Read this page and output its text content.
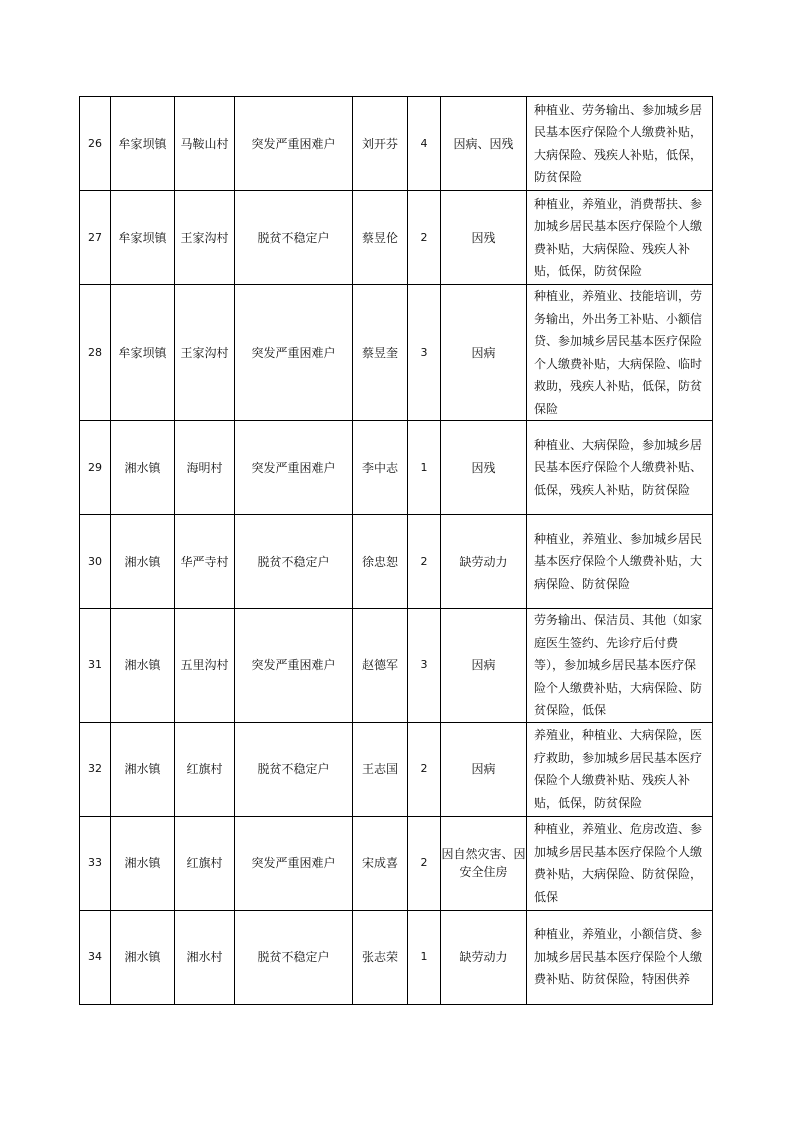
26	牟家坝镇	马鞍山村	突发严重困难户	刘开芬	4	因病、因残	种植业、劳务输出、参加城乡居民基本医疗保险个人缴费补贴，大病保险、残疾人补贴，低保，防贫保险
27	牟家坝镇	王家沟村	脱贫不稳定户	蔡昱伦	2	因残	种植业，养殖业，消费帮扶、参加城乡居民基本医疗保险个人缴费补贴，大病保险、残疾人补贴，低保，防贫保险
28	牟家坝镇	王家沟村	突发严重困难户	蔡昱奎	3	因病	种植业，养殖业、技能培训，劳务输出，外出务工补贴、小额信贷、参加城乡居民基本医疗保险个人缴费补贴，大病保险、临时救助，残疾人补贴，低保，防贫保险
29	湘水镇	海明村	突发严重困难户	李中志	1	因残	种植业、大病保险，参加城乡居民基本医疗保险个人缴费补贴、低保，残疾人补贴，防贫保险
30	湘水镇	华严寺村	脱贫不稳定户	徐忠恕	2	缺劳动力	种植业，养殖业、参加城乡居民基本医疗保险个人缴费补贴，大病保险、防贫保险
31	湘水镇	五里沟村	突发严重困难户	赵德军	3	因病	劳务输出、保洁员、其他（如家庭医生签约、先诊疗后付费等），参加城乡居民基本医疗保险个人缴费补贴，大病保险、防贫保险，低保
32	湘水镇	红旗村	脱贫不稳定户	王志国	2	因病	养殖业，种植业、大病保险，医疗救助，参加城乡居民基本医疗保险个人缴费补贴、残疾人补贴，低保，防贫保险
33	湘水镇	红旗村	突发严重困难户	宋成喜	2	因自然灾害、因安全住房	种植业，养殖业、危房改造、参加城乡居民基本医疗保险个人缴费补贴，大病保险、防贫保险，低保
34	湘水镇	湘水村	脱贫不稳定户	张志荣	1	缺劳动力	种植业，养殖业，小额信贷、参加城乡居民基本医疗保险个人缴费补贴、防贫保险，特困供养
